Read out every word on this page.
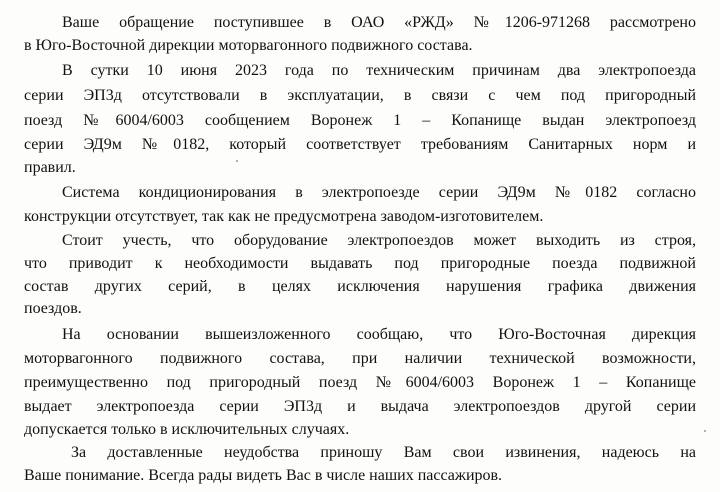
Ваше обращение поступившее в ОАО «РЖД» №1206-971268 рассмотрено
в Юго-Восточной дирекции моторвагонного подвижного состава.
В сутки 10 июня 2023 года по техническим причинам два электропоезда
серии ЭП3д отсутствовали в эксплуатации, в связи с чем под пригородный
поезд №6004/6003 сообщением Воронеж 1 – Копанище выдан электропоезд
серии ЭД9м №0182, который соответствует требованиям Санитарных норм и
правил.
Система кондиционирования в электропоезде серии ЭД9м №0182 согласно
конструкции отсутствует, так как не предусмотрена заводом-изготовителем.
Стоит учесть, что оборудование электропоездов может выходить из строя,
что приводит к необходимости выдавать под пригородные поезда подвижной
состав других серий, в целях исключения нарушения графика движения
поездов.
На основании вышеизложенного сообщаю, что Юго-Восточная дирекция
моторвагонного подвижного состава, при наличии технической возможности,
преимущественно под пригородный поезд №6004/6003 Воронеж 1 – Копанище
выдает электропоезда серии ЭП3д и выдача электропоездов другой серии
допускается только в исключительных случаях.
За доставленные неудобства приношу Вам свои извинения, надеюсь на
Ваше понимание. Всегда рады видеть Вас в числе наших пассажиров.
